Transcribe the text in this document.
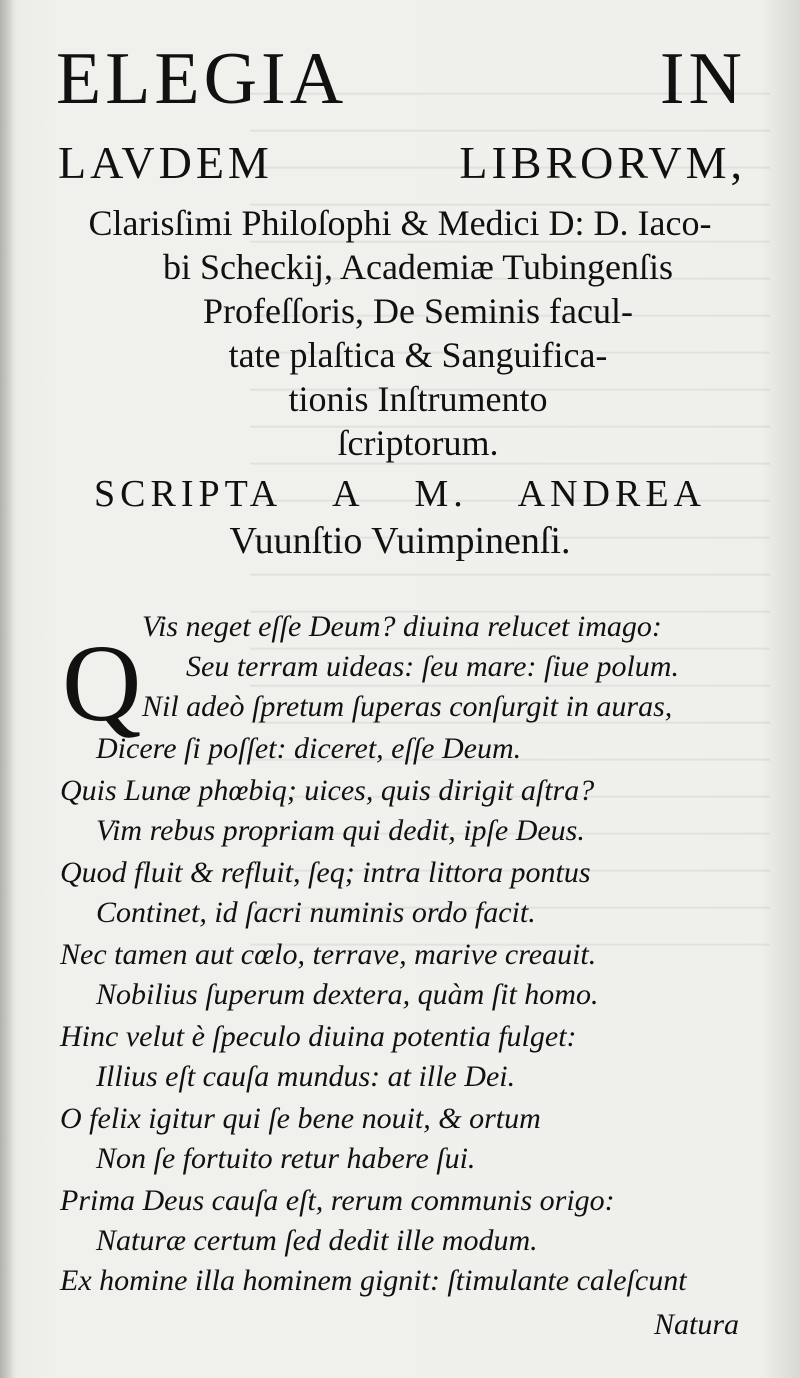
ELEGIA	IN
LAVDEM	LIBRORVM,
Clarisſimi Philoſophi & Medici D: D. Iaco-
bi Scheckij, Academiæ Tubingenſis
Profeſſoris, De Seminis facul-
tate plaſtica & Sanguifica-
tionis Inſtrumento
ſcriptorum.
SCRIPTA A M. ANDREA
Vuunſtio Vuimpinenſi.
Q Vis neget eſſe Deum? diuina relucet imago:
Seu terram uideas: ſeu mare: ſiue polum.
Nil adeò ſpretum ſuperas conſurgit in auras,
Dicere ſi poſſet: diceret, eſſe Deum.
Quis Lunæ phœbiq; uices, quis dirigit aſtra?
Vim rebus propriam qui dedit, ipſe Deus.
Quod fluit & refluit, ſeq; intra littora pontus
Continet, id ſacri numinis ordo facit.
Nec tamen aut cœlo, terrave, marive creauit.
Nobilius ſuperum dextera, quàm ſit homo.
Hinc velut è ſpeculo diuina potentia fulget:
Illius eſt cauſa mundus: at ille Dei.
O felix igitur qui ſe bene nouit, & ortum
Non ſe fortuito retur habere ſui.
Prima Deus cauſa eſt, rerum communis origo:
Naturæ certum ſed dedit ille modum.
Ex homine illa hominem gignit: ſtimulante caleſcunt
Natura
